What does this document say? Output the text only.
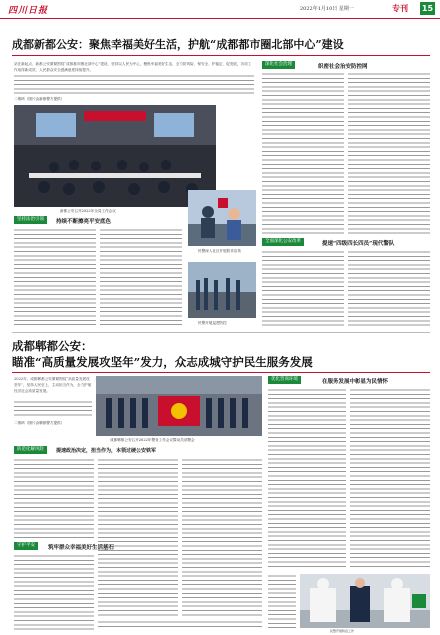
四川日报	2022年1月10日 星期一	专刊 15
成都新都公安：聚焦幸福美好生活，护航“成都都市圈北部中心”建设
站在新起点，新都公安紧紧围绕“成都都市圈北部中心”建设，坚持以人民为中心，聚焦幸福美好生活，全力防风险、保安全、护稳定、促发展，各项工作取得新成效，人民群众安全感满意度持续提升。
二维码（图片由新都警方提供）
新都公安召开2022年全局工作会议
坚持法治引领	持续不断擦亮平安底色
民警深入社区开展防诈宣传
民警开展巡逻防控
深化社会治理	织密社会治安防控网
全面深化公安改革	提速“四级四长四员”现代警队
成都郫都公安：
瞄准“高质量发展攻坚年”发力，众志成城守护民生服务发展
2022年，成都郫都公安紧紧围绕“高质量发展攻坚年”，坚持人民至上，主动担当作为，全力护航经济社会高质量发展。
二维码（图片由郫都警方提供）
成都郫都公安召开2022年警务工作会议暨动员部署会
防范化解风险	提速政治决定，担当作为，本领过硬公安铁军
守护平安	筑牢群众幸福美好生活基石
优化营商环境	在服务发展中彰显为民情怀
民警开展防疫工作
